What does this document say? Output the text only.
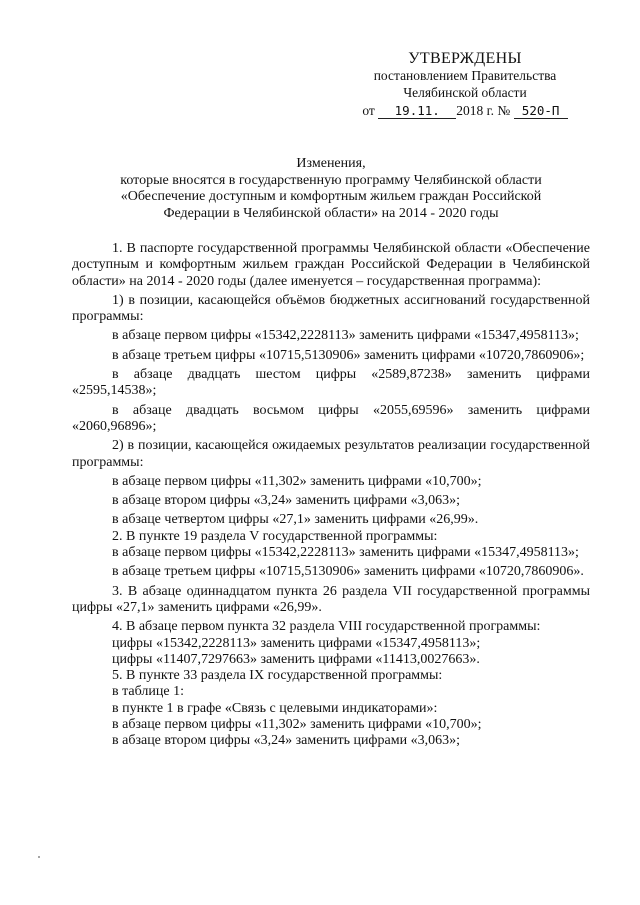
УТВЕРЖДЕНЫ
постановлением Правительства
Челябинской области
от 19.11. 2018 г. № 520-П
Изменения,
которые вносятся в государственную программу Челябинской области
«Обеспечение доступным и комфортным жильем граждан Российской
Федерации в Челябинской области» на 2014 - 2020 годы

1. В паспорте государственной программы Челябинской области «Обеспечение доступным и комфортным жильем граждан Российской Федерации в Челябинской области» на 2014 - 2020 годы (далее именуется – государственная программа):

1) в позиции, касающейся объёмов бюджетных ассигнований государственной программы:

в абзаце первом цифры «15342,2228113» заменить цифрами «15347,4958113»;

в абзаце третьем цифры «10715,5130906» заменить цифрами «10720,7860906»;

в абзаце двадцать шестом цифры «2589,87238» заменить цифрами «2595,14538»;

в абзаце двадцать восьмом цифры «2055,69596» заменить цифрами «2060,96896»;

2) в позиции, касающейся ожидаемых результатов реализации государственной программы:

в абзаце первом цифры «11,302» заменить цифрами «10,700»;

в абзаце втором цифры «3,24» заменить цифрами «3,063»;

в абзаце четвертом цифры «27,1» заменить цифрами «26,99».

2. В пункте 19 раздела V государственной программы:

в абзаце первом цифры «15342,2228113» заменить цифрами «15347,4958113»;

в абзаце третьем цифры «10715,5130906» заменить цифрами «10720,7860906».

3. В абзаце одиннадцатом пункта 26 раздела VII государственной программы цифры «27,1» заменить цифрами «26,99».

4. В абзаце первом пункта 32 раздела VIII государственной программы:

цифры «15342,2228113» заменить цифрами «15347,4958113»;

цифры «11407,7297663» заменить цифрами «11413,0027663».

5. В пункте 33 раздела IX государственной программы:

в таблице 1:

в пункте 1 в графе «Связь с целевыми индикаторами»:

в абзаце первом цифры «11,302» заменить цифрами «10,700»;

в абзаце втором цифры «3,24» заменить цифрами «3,063»;
